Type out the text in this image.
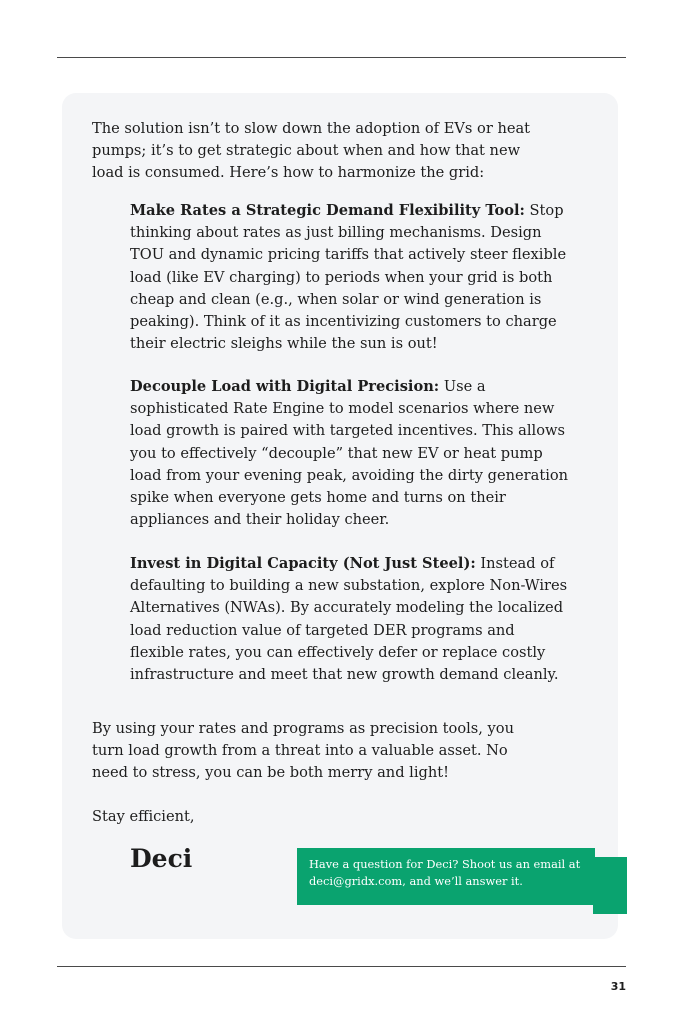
The solution isn’t to slow down the adoption of EVs or heat pumps; it’s to get strategic about when and how that new load is consumed. Here’s how to harmonize the grid:

Make Rates a Strategic Demand Flexibility Tool: Stop thinking about rates as just billing mechanisms. Design TOU and dynamic pricing tariffs that actively steer flexible load (like EV charging) to periods when your grid is both cheap and clean (e.g., when solar or wind generation is peaking). Think of it as incentivizing customers to charge their electric sleighs while the sun is out!

Decouple Load with Digital Precision: Use a sophisticated Rate Engine to model scenarios where new load growth is paired with targeted incentives. This allows you to effectively “decouple” that new EV or heat pump load from your evening peak, avoiding the dirty generation spike when everyone gets home and turns on their appliances and their holiday cheer.

Invest in Digital Capacity (Not Just Steel): Instead of defaulting to building a new substation, explore Non-Wires Alternatives (NWAs). By accurately modeling the localized load reduction value of targeted DER programs and flexible rates, you can effectively defer or replace costly infrastructure and meet that new growth demand cleanly.

By using your rates and programs as precision tools, you turn load growth from a threat into a valuable asset. No need to stress, you can be both merry and light!

Stay efficient,

Deci	Have a question for Deci? Shoot us an email at deci@gridx.com, and we’ll answer it.
31
